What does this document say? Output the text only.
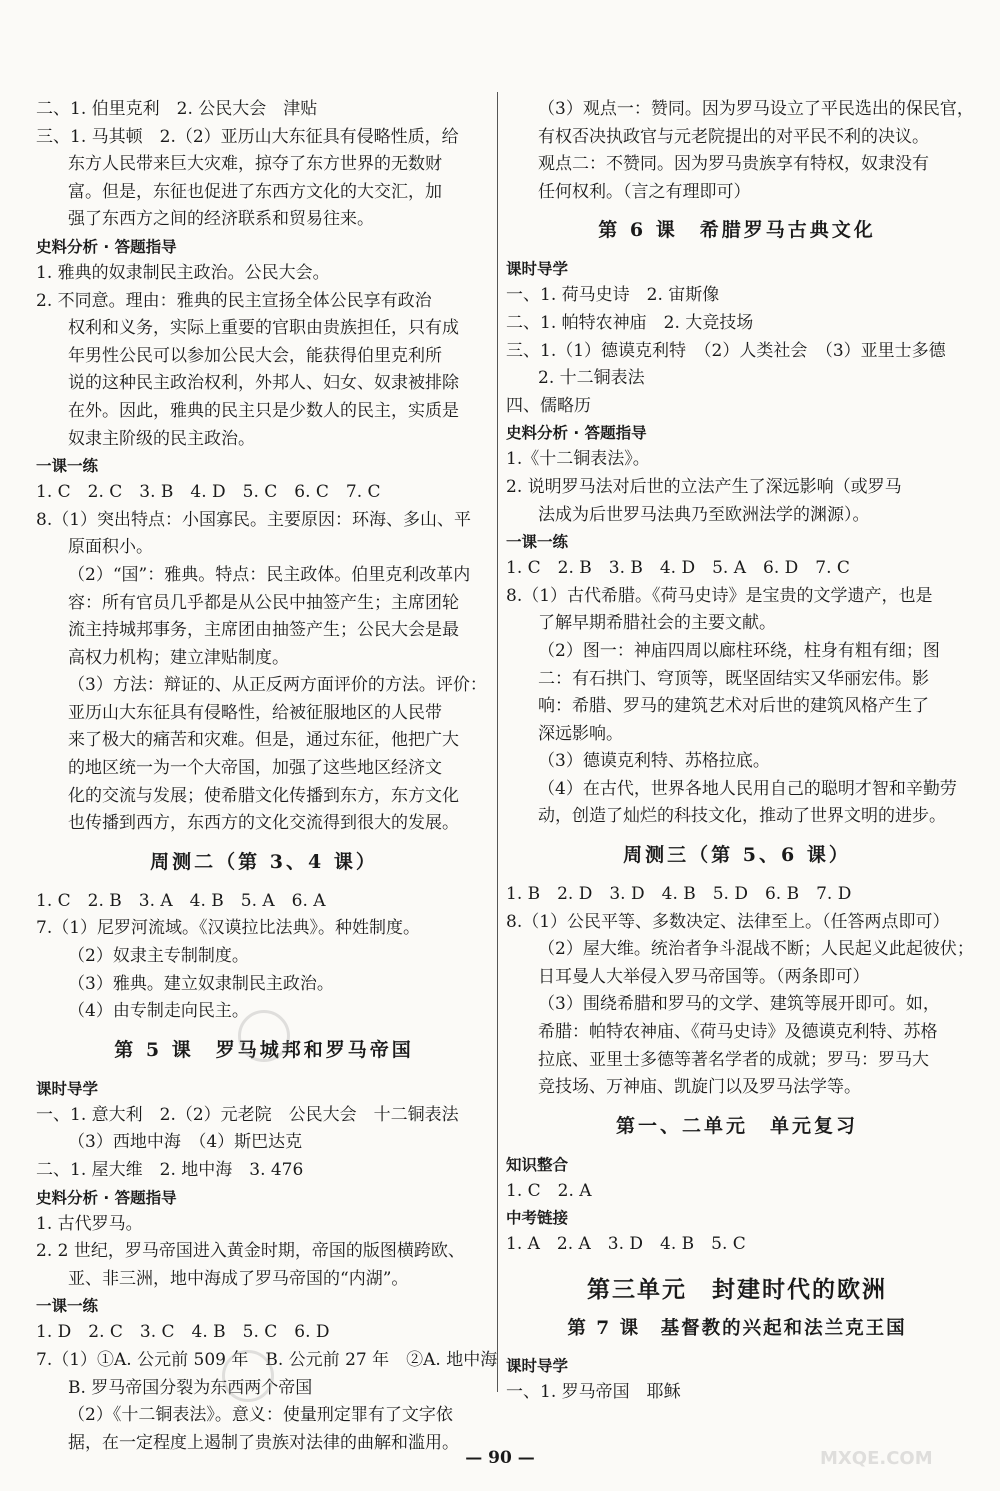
二、1. 伯里克利　2. 公民大会　津贴
三、1. 马其顿　2.（2）亚历山大东征具有侵略性质，给
东方人民带来巨大灾难，掠夺了东方世界的无数财
富。但是，东征也促进了东西方文化的大交汇，加
强了东西方之间的经济联系和贸易往来。
史料分析 · 答题指导
1. 雅典的奴隶制民主政治。公民大会。
2. 不同意。理由：雅典的民主宣扬全体公民享有政治
权利和义务，实际上重要的官职由贵族担任，只有成
年男性公民可以参加公民大会，能获得伯里克利所
说的这种民主政治权利，外邦人、妇女、奴隶被排除
在外。因此，雅典的民主只是少数人的民主，实质是
奴隶主阶级的民主政治。
一课一练
1. C　2. C　3. B　4. D　5. C　6. C　7. C
8.（1）突出特点：小国寡民。主要原因：环海、多山、平
原面积小。
（2）“国”：雅典。特点：民主政体。伯里克利改革内
容：所有官员几乎都是从公民中抽签产生；主席团轮
流主持城邦事务，主席团由抽签产生；公民大会是最
高权力机构；建立津贴制度。
（3）方法：辩证的、从正反两方面评价的方法。评价：
亚历山大东征具有侵略性，给被征服地区的人民带
来了极大的痛苦和灾难。但是，通过东征，他把广大
的地区统一为一个大帝国，加强了这些地区经济文
化的交流与发展；使希腊文化传播到东方，东方文化
也传播到西方，东西方的文化交流得到很大的发展。
周测二（第 3、4 课）
1. C　2. B　3. A　4. B　5. A　6. A
7.（1）尼罗河流域。《汉谟拉比法典》。种姓制度。
（2）奴隶主专制制度。
（3）雅典。建立奴隶制民主政治。
（4）由专制走向民主。
第 5 课　罗马城邦和罗马帝国
课时导学
一、1. 意大利　2.（2）元老院　公民大会　十二铜表法
（3）西地中海　（4）斯巴达克
二、1. 屋大维　2. 地中海　3. 476
史料分析 · 答题指导
1. 古代罗马。
2. 2 世纪，罗马帝国进入黄金时期，帝国的版图横跨欧、
亚、非三洲，地中海成了罗马帝国的“内湖”。
一课一练
1. D　2. C　3. C　4. B　5. C　6. D
7.（1）①A. 公元前 509 年　B. 公元前 27 年　②A. 地中海
B. 罗马帝国分裂为东西两个帝国
（2）《十二铜表法》。意义：使量刑定罪有了文字依
据，在一定程度上遏制了贵族对法律的曲解和滥用。
（3）观点一：赞同。因为罗马设立了平民选出的保民官，
有权否决执政官与元老院提出的对平民不利的决议。
观点二：不赞同。因为罗马贵族享有特权，奴隶没有
任何权利。（言之有理即可）
第 6 课　希腊罗马古典文化
课时导学
一、1. 荷马史诗　2. 宙斯像
二、1. 帕特农神庙　2. 大竞技场
三、1.（1）德谟克利特　（2）人类社会　（3）亚里士多德
2. 十二铜表法
四、儒略历
史料分析 · 答题指导
1.《十二铜表法》。
2. 说明罗马法对后世的立法产生了深远影响（或罗马
法成为后世罗马法典乃至欧洲法学的渊源）。
一课一练
1. C　2. B　3. B　4. D　5. A　6. D　7. C
8.（1）古代希腊。《荷马史诗》是宝贵的文学遗产，也是
了解早期希腊社会的主要文献。
（2）图一：神庙四周以廊柱环绕，柱身有粗有细；图
二：有石拱门、穹顶等，既坚固结实又华丽宏伟。影
响：希腊、罗马的建筑艺术对后世的建筑风格产生了
深远影响。
（3）德谟克利特、苏格拉底。
（4）在古代，世界各地人民用自己的聪明才智和辛勤劳
动，创造了灿烂的科技文化，推动了世界文明的进步。
周测三（第 5、6 课）
1. B　2. D　3. D　4. B　5. D　6. B　7. D
8.（1）公民平等、多数决定、法律至上。（任答两点即可）
（2）屋大维。统治者争斗混战不断；人民起义此起彼伏；
日耳曼人大举侵入罗马帝国等。（两条即可）
（3）围绕希腊和罗马的文学、建筑等展开即可。如，
希腊：帕特农神庙、《荷马史诗》及德谟克利特、苏格
拉底、亚里士多德等著名学者的成就；罗马：罗马大
竞技场、万神庙、凯旋门以及罗马法学等。
第一、二单元　单元复习
知识整合
1. C　2. A
中考链接
1. A　2. A　3. D　4. B　5. C
第三单元　封建时代的欧洲
第 7 课　基督教的兴起和法兰克王国
课时导学
一、1. 罗马帝国　耶稣
— 90 —	MXQE.COM
